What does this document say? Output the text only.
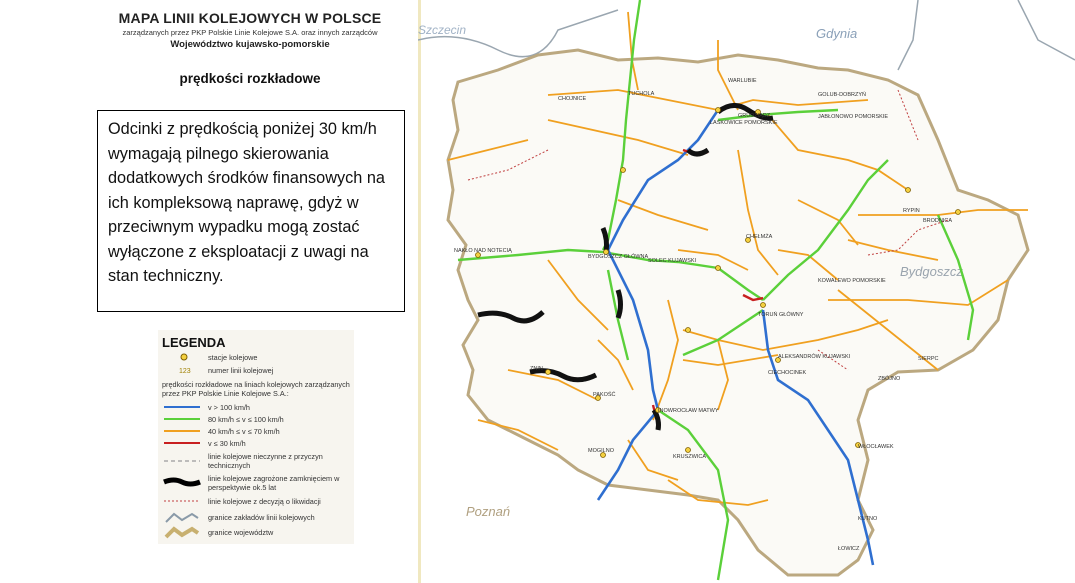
MAPA LINII KOLEJOWYCH W POLSCE
zarządzanych przez PKP Polskie Linie Kolejowe S.A. oraz innych zarządców
Województwo kujawsko-pomorskie
prędkości rozkładowe
Odcinki z prędkością poniżej 30 km/h wymagają pilnego skierowania dodatkowych środków finansowych na ich kompleksową naprawę, gdyż w przeciwnym wypadku mogą zostać wyłączone z eksploatacji z uwagi na stan techniczny.
LEGENDA
stacje kolejowe
123 numer linii kolejowej
prędkości rozkładowe na liniach kolejowych zarządzanych przez PKP Polskie Linie Kolejowe S.A.:
v > 100 km/h
80 km/h ≤ v ≤ 100 km/h
40 km/h ≤ v ≤ 70 km/h
v ≤ 30 km/h
linie kolejowe nieczynne z przyczyn technicznych
linie kolejowe zagrożone zamknięciem w perspektywie ok.5 lat
linie kolejowe z decyzją o likwidacji
granice zakładów linii kolejowych
granice województw
Szczecin	Gdynia
Bydgoszcz
Poznań
BYDGOSZCZ GŁÓWNA
TORUŃ GŁÓWNY
INOWROCŁAW MATWY
NAKŁO NAD NOTECIĄ
GRUDZIĄDZ
CHEŁMŻA
ZNIN
PAKOŚĆ
MOGILNO
KRUSZWICA
ALEKSANDRÓW KUJAWSKI
CIECHOCINEK
WŁOCŁAWEK
KUTNO
SOLEC KUJAWSKI
KOWALEWO POMORSKIE
BRODNICA
CHOJNICE
TUCHOLA
LASKOWICE POMORSKIE
WARLUBIE
JABŁONOWO POMORSKIE
RYPIN
SIERPC
GOLUB-DOBRZYŃ
ZBÓJNO
ŁOWICZ
